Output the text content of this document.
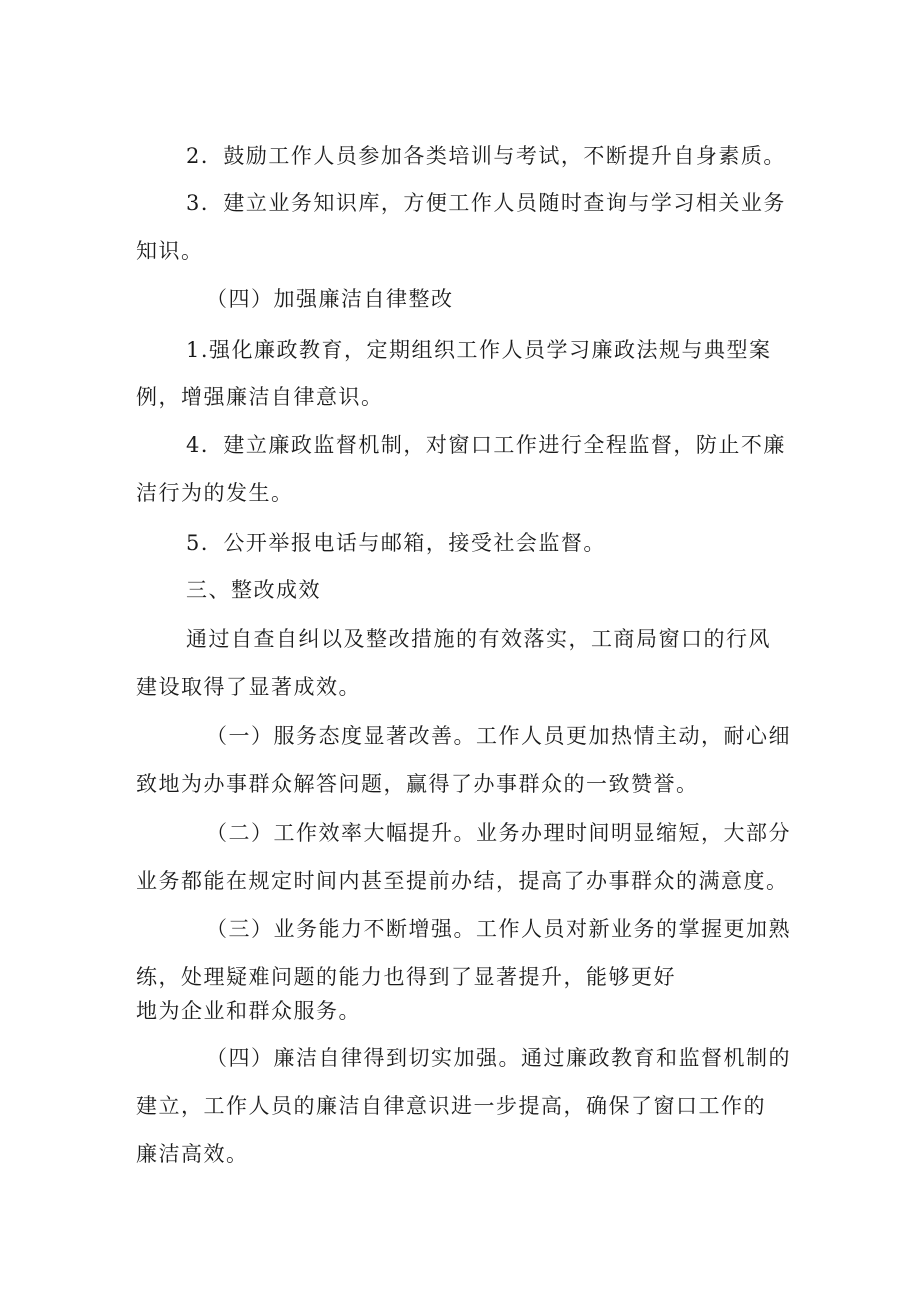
2．鼓励工作人员参加各类培训与考试，不断提升自身素质。

3．建立业务知识库，方便工作人员随时查询与学习相关业务

知识。

（四）加强廉洁自律整改

1.强化廉政教育，定期组织工作人员学习廉政法规与典型案

例，增强廉洁自律意识。

4．建立廉政监督机制，对窗口工作进行全程监督，防止不廉

洁行为的发生。

5．公开举报电话与邮箱，接受社会监督。

三、整改成效

通过自查自纠以及整改措施的有效落实，工商局窗口的行风

建设取得了显著成效。

（一）服务态度显著改善。工作人员更加热情主动，耐心细

致地为办事群众解答问题，赢得了办事群众的一致赞誉。

（二）工作效率大幅提升。业务办理时间明显缩短，大部分

业务都能在规定时间内甚至提前办结，提高了办事群众的满意度。

（三）业务能力不断增强。工作人员对新业务的掌握更加熟

练，处理疑难问题的能力也得到了显著提升，能够更好

地为企业和群众服务。

（四）廉洁自律得到切实加强。通过廉政教育和监督机制的

建立，工作人员的廉洁自律意识进一步提高，确保了窗口工作的

廉洁高效。
